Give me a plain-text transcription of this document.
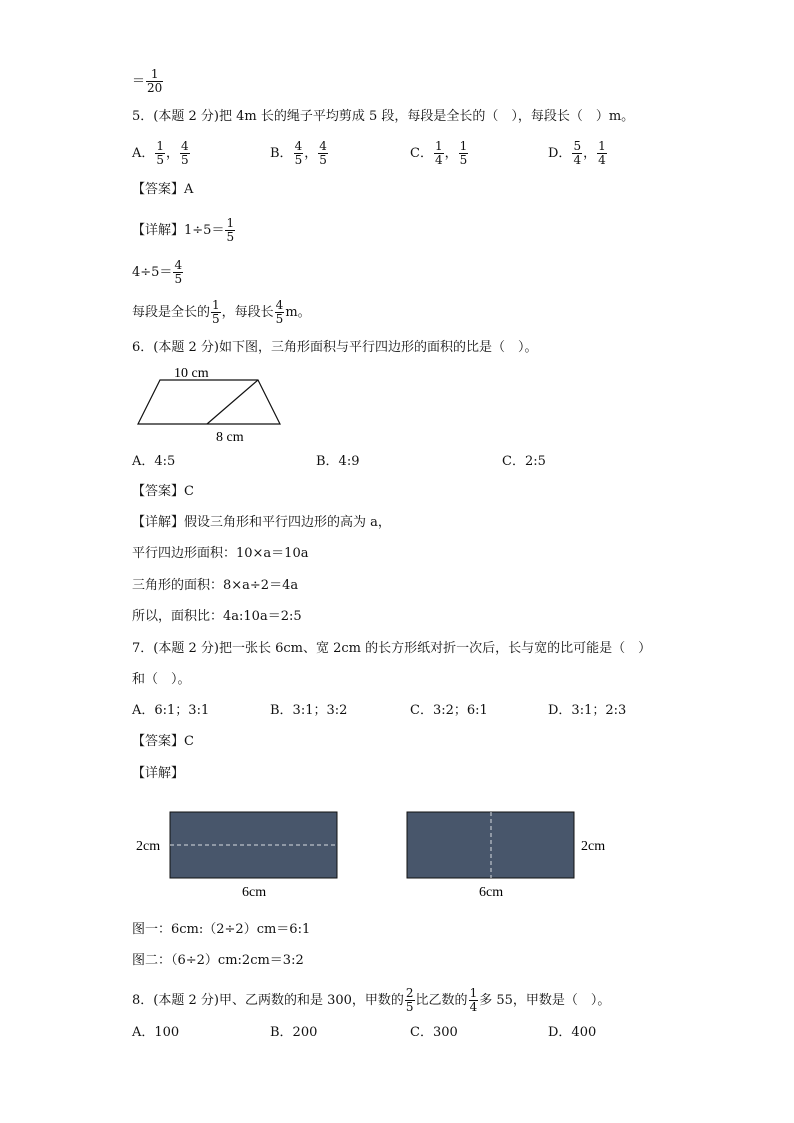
＝ $\frac{1}{20}$
5．(本题 2 分)把 4m 长的绳子平均剪成 5 段，每段是全长的（　），每段长（　）m。
A． $\frac{1}{5}$ ， $\frac{4}{5}$	B． $\frac{4}{5}$ ， $\frac{4}{5}$	C． $\frac{1}{4}$ ， $\frac{1}{5}$	D． $\frac{5}{4}$ ， $\frac{1}{4}$
【答案】A
【详解】$1\div 5= \frac{1}{5}$
$4\div 5= \frac{4}{5}$
每段是全长的 $\frac{1}{5}$ ，每段长 $\frac{4}{5}$ m。
6．(本题 2 分)如下图，三角形面积与平行四边形的面积的比是（　）。
10 cm
8 cm
A．4:5	B．4:9	C．2:5
【答案】C
【详解】假设三角形和平行四边形的高为 a，
平行四边形面积：10×a＝10a
三角形的面积：8×a÷2＝4a
所以，面积比：4a:10a＝2:5
7．(本题 2 分)把一张长 6cm、宽 2cm 的长方形纸对折一次后，长与宽的比可能是（　）
和（　）。
A．6:1；3:1	B．3:1；3:2	C．3:2；6:1	D．3:1；2:3
【答案】C
【详解】
2cm
6cm
2cm
6cm
图一：6cm:（2÷2）cm＝6:1
图二：（6÷2）cm:2cm＝3:2
8．(本题 2 分)甲、乙两数的和是 300，甲数的 $\frac{2}{5}$ 比乙数的 $\frac{1}{4}$ 多 55，甲数是（　）。
A．100	B．200	C．300	D．400
